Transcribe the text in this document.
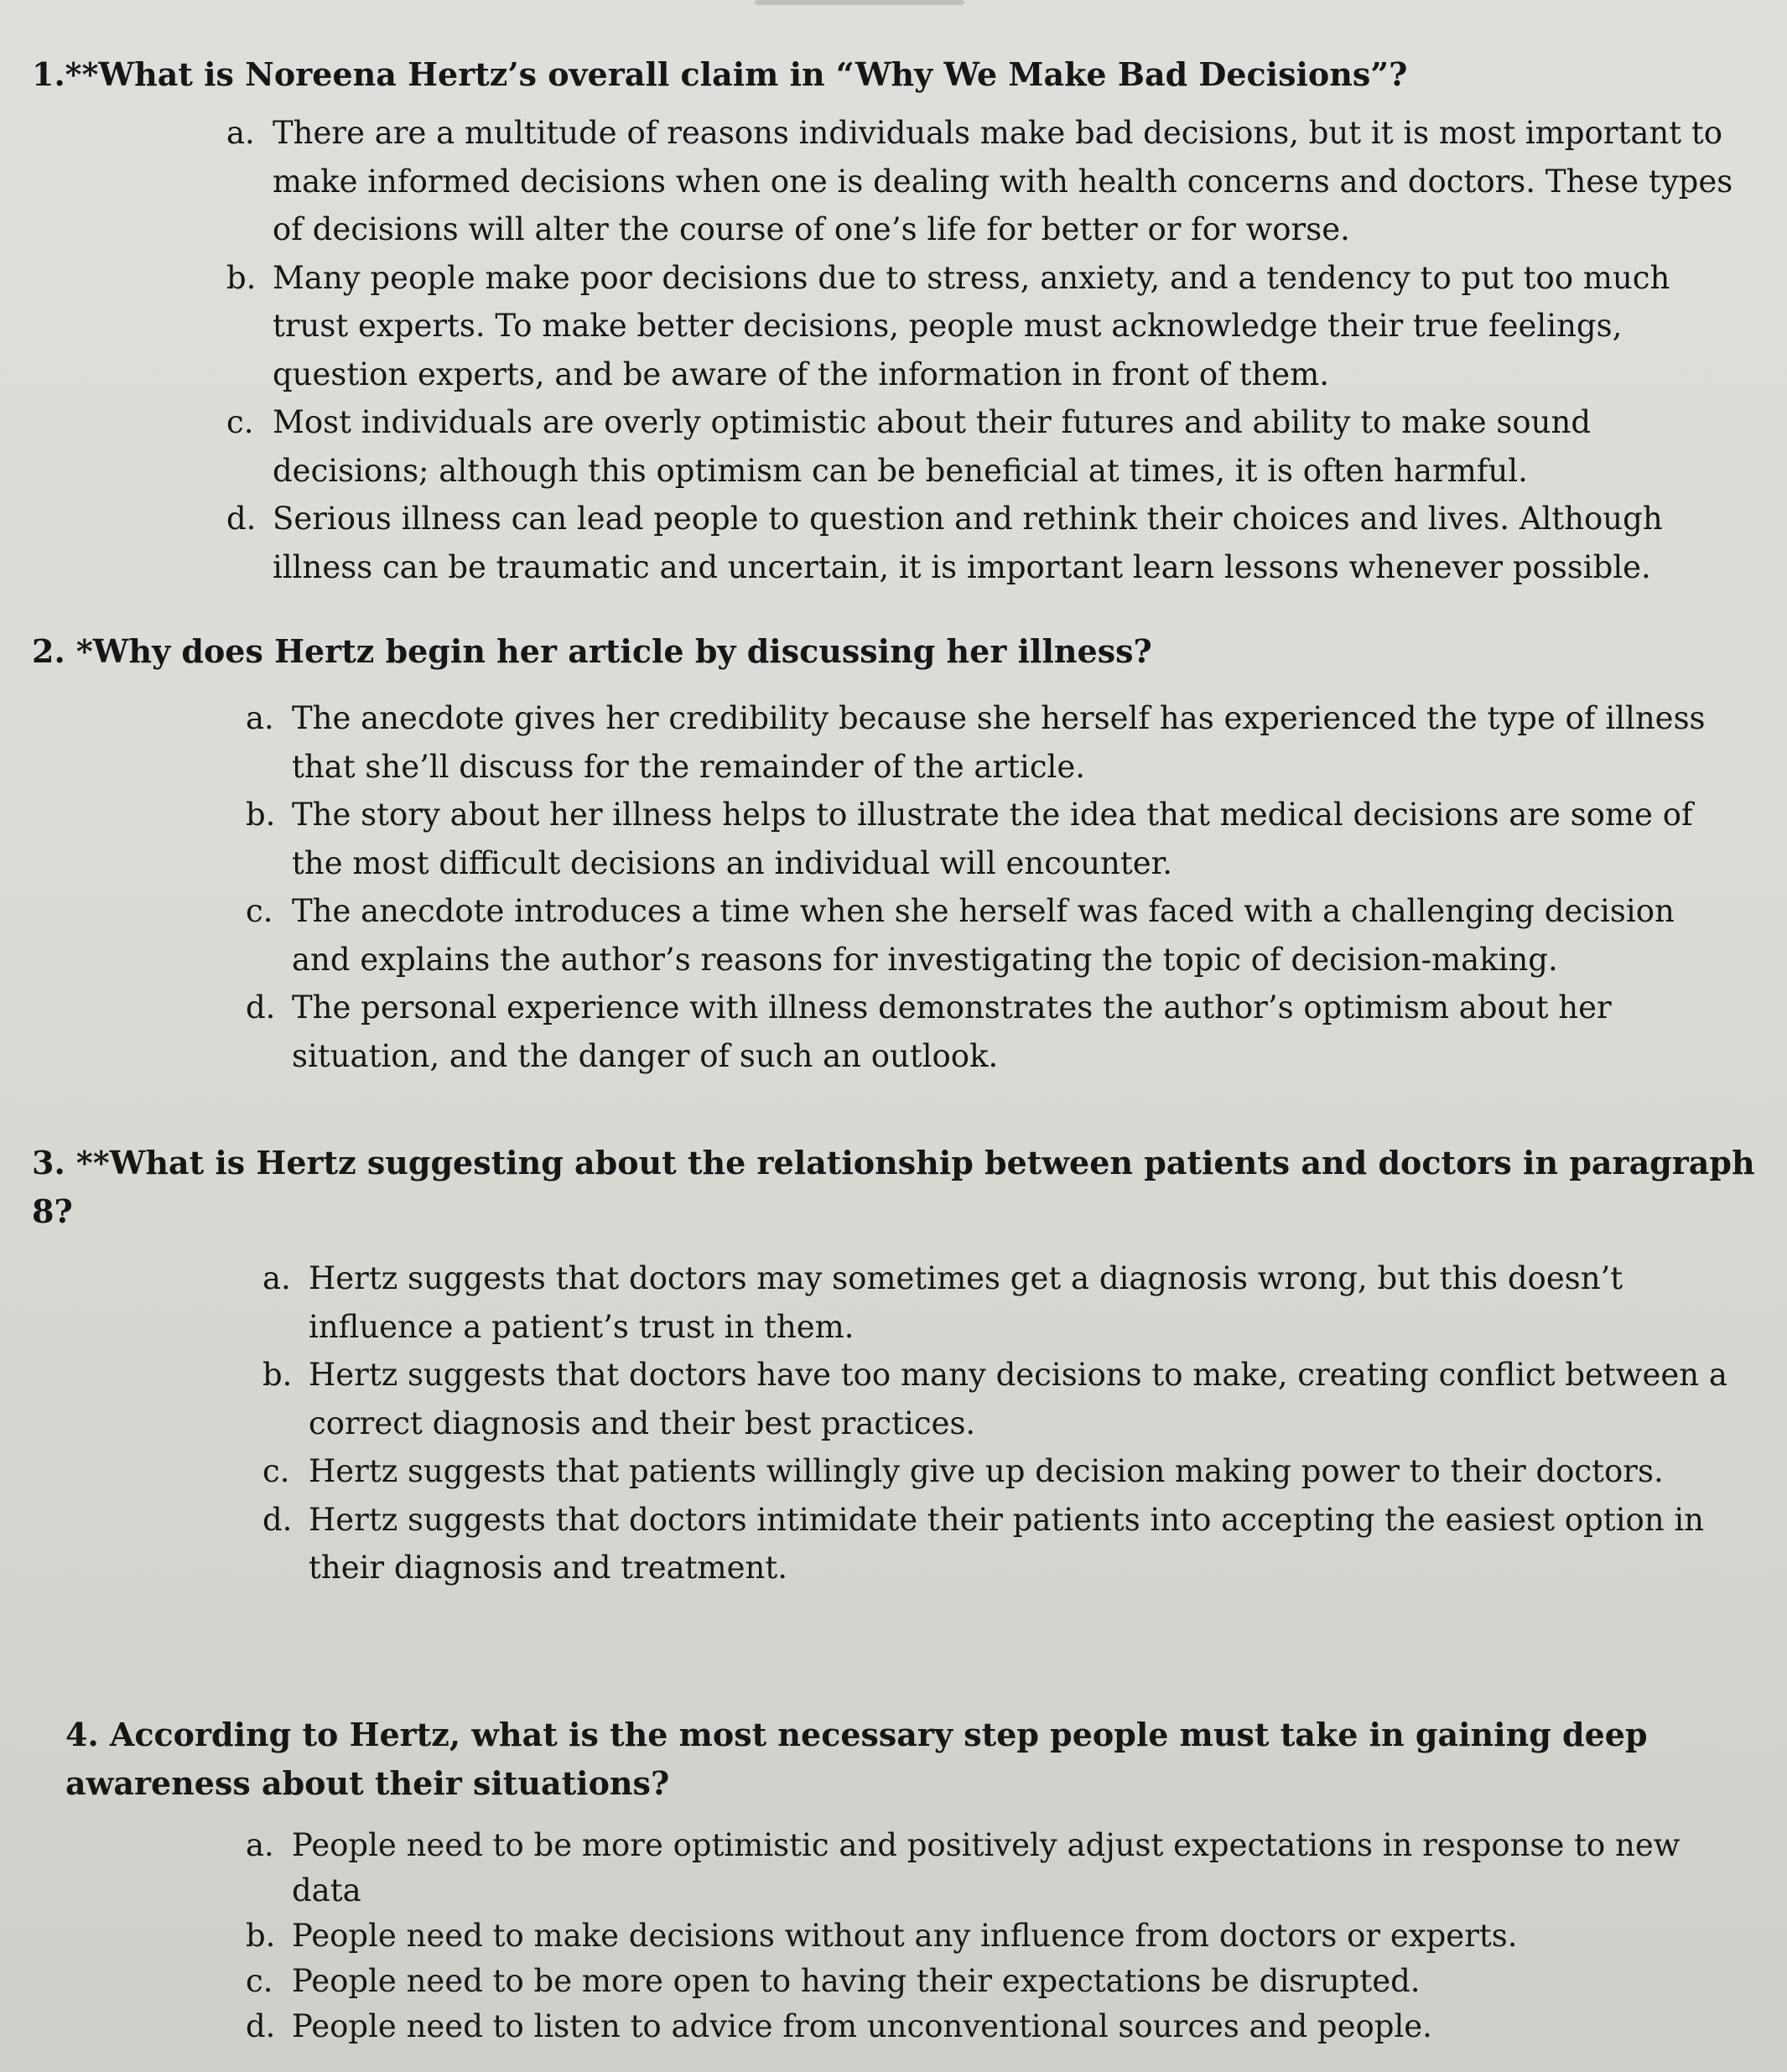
1.**What is Noreena Hertz’s overall claim in “Why We Make Bad Decisions”?

a. There are a multitude of reasons individuals make bad decisions, but it is most important to make informed decisions when one is dealing with health concerns and doctors. These types of decisions will alter the course of one’s life for better or for worse.
b. Many people make poor decisions due to stress, anxiety, and a tendency to put too much trust experts. To make better decisions, people must acknowledge their true feelings, question experts, and be aware of the information in front of them.
c. Most individuals are overly optimistic about their futures and ability to make sound decisions; although this optimism can be beneficial at times, it is often harmful.
d. Serious illness can lead people to question and rethink their choices and lives. Although illness can be traumatic and uncertain, it is important learn lessons whenever possible.

2. *Why does Hertz begin her article by discussing her illness?

a. The anecdote gives her credibility because she herself has experienced the type of illness that she’ll discuss for the remainder of the article.
b. The story about her illness helps to illustrate the idea that medical decisions are some of the most difficult decisions an individual will encounter.
c. The anecdote introduces a time when she herself was faced with a challenging decision and explains the author’s reasons for investigating the topic of decision-making.
d. The personal experience with illness demonstrates the author’s optimism about her situation, and the danger of such an outlook.

3. **What is Hertz suggesting about the relationship between patients and doctors in paragraph 8?

a. Hertz suggests that doctors may sometimes get a diagnosis wrong, but this doesn’t influence a patient’s trust in them.
b. Hertz suggests that doctors have too many decisions to make, creating conflict between a correct diagnosis and their best practices.
c. Hertz suggests that patients willingly give up decision making power to their doctors.
d. Hertz suggests that doctors intimidate their patients into accepting the easiest option in their diagnosis and treatment.

4. According to Hertz, what is the most necessary step people must take in gaining deep awareness about their situations?

a. People need to be more optimistic and positively adjust expectations in response to new data
b. People need to make decisions without any influence from doctors or experts.
c. People need to be more open to having their expectations be disrupted.
d. People need to listen to advice from unconventional sources and people.
